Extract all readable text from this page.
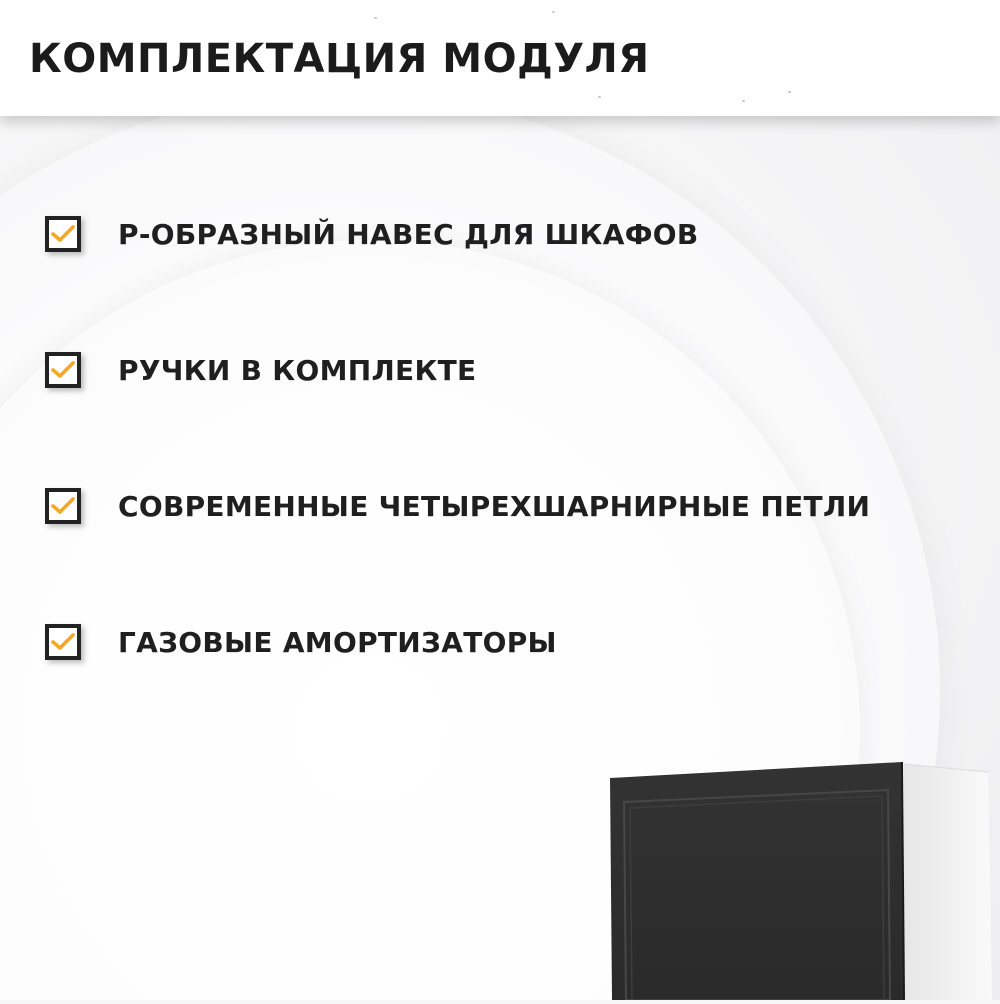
КОМПЛЕКТАЦИЯ МОДУЛЯ
Р-ОБРАЗНЫЙ НАВЕС ДЛЯ ШКАФОВ
РУЧКИ В КОМПЛЕКТЕ
СОВРЕМЕННЫЕ ЧЕТЫРЕХШАРНИРНЫЕ ПЕТЛИ
ГАЗОВЫЕ АМОРТИЗАТОРЫ
